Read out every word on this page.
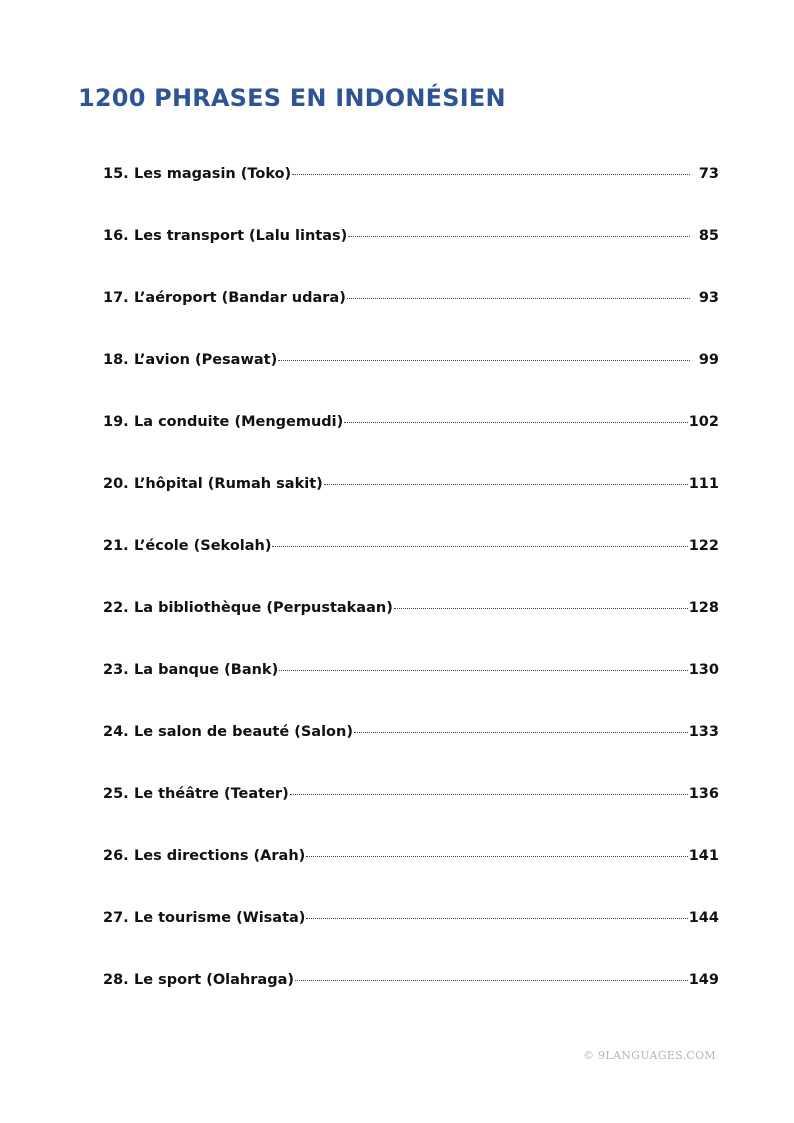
1200 PHRASES EN INDONÉSIEN
15. Les magasin (Toko)	73
16. Les transport (Lalu lintas)	85
17. L’aéroport (Bandar udara)	93
18. L’avion (Pesawat)	99
19. La conduite (Mengemudi)	102
20. L’hôpital (Rumah sakit)	111
21. L’école (Sekolah)	122
22. La bibliothèque (Perpustakaan)	128
23. La banque (Bank)	130
24. Le salon de beauté (Salon)	133
25. Le théâtre (Teater)	136
26. Les directions (Arah)	141
27. Le tourisme (Wisata)	144
28. Le sport (Olahraga)	149
© 9LANGUAGES.COM
